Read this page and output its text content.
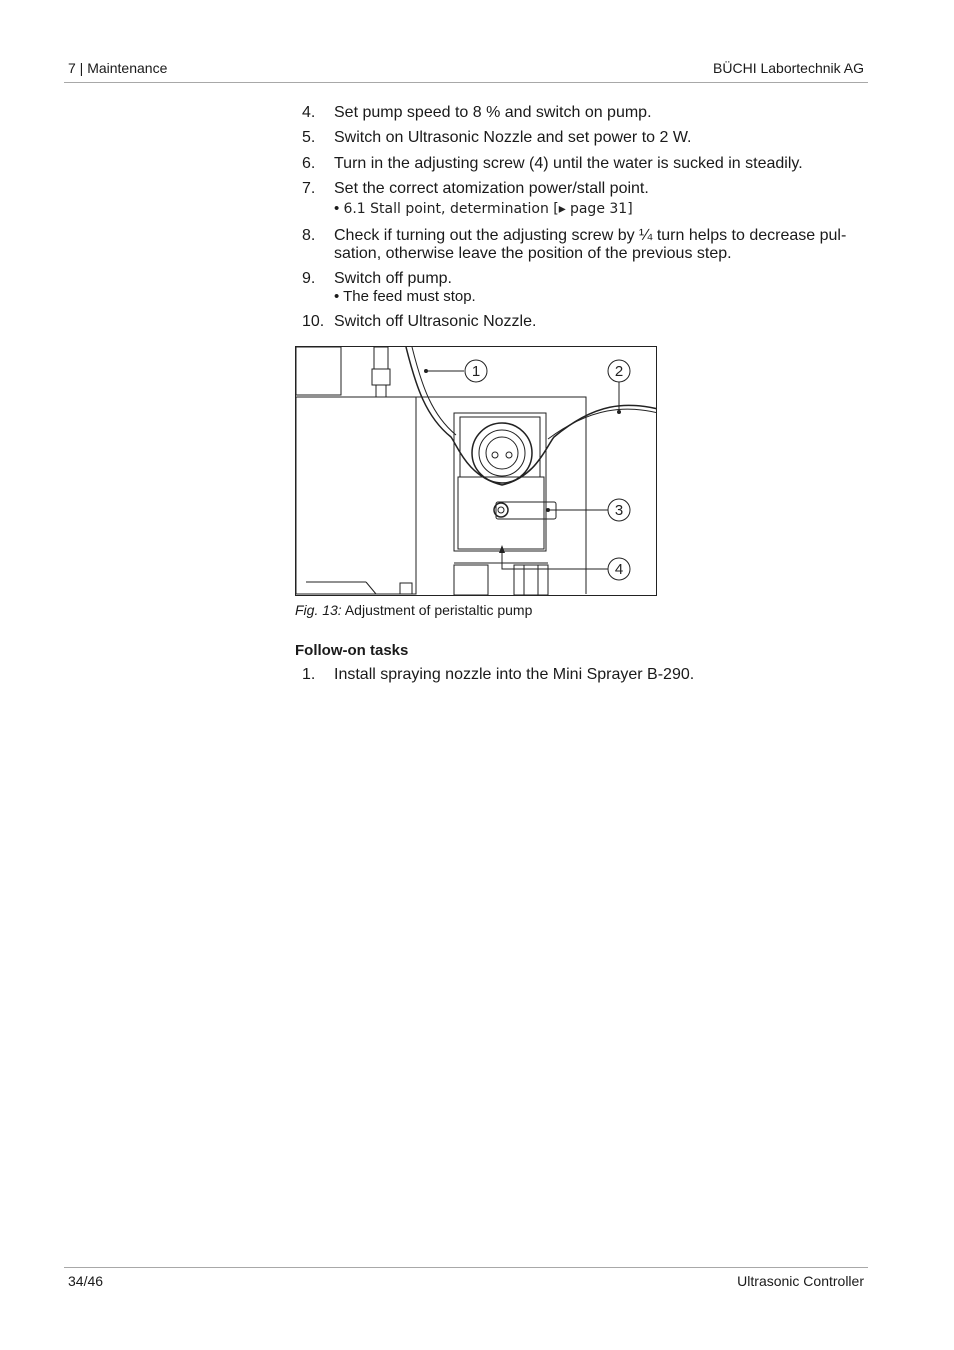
7 | Maintenance	BÜCHI Labortechnik AG
4. Set pump speed to 8 % and switch on pump.
5. Switch on Ultrasonic Nozzle and set power to 2 W.
6. Turn in the adjusting screw (4) until the water is sucked in steadily.
7. Set the correct atomization power/stall point.
• 6.1 Stall point, determination [▸ page 31]
8. Check if turning out the adjusting screw by ¼ turn helps to decrease pul-sation, otherwise leave the position of the previous step.
9. Switch off pump.
• The feed must stop.
10. Switch off Ultrasonic Nozzle.
1	2
3
4
Fig. 13: Adjustment of peristaltic pump
Follow-on tasks
1. Install spraying nozzle into the Mini Sprayer B-290.
34/46	Ultrasonic Controller
